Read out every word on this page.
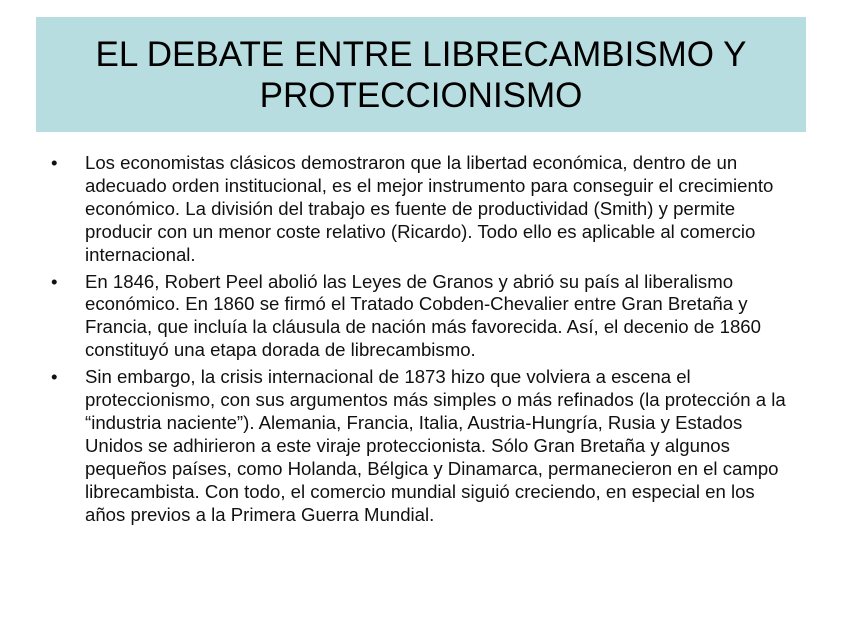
EL DEBATE ENTRE LIBRECAMBISMO Y
PROTECCIONISMO
•	Los economistas clásicos demostraron que la libertad económica, dentro de un adecuado orden institucional, es el mejor instrumento para conseguir el crecimiento económico. La división del trabajo es fuente de productividad (Smith) y permite producir con un menor coste relativo (Ricardo). Todo ello es aplicable al comercio internacional.
•	En 1846, Robert Peel abolió las Leyes de Granos y abrió su país al liberalismo económico. En 1860 se firmó el Tratado Cobden-Chevalier entre Gran Bretaña y Francia, que incluía la cláusula de nación más favorecida. Así, el decenio de 1860 constituyó una etapa dorada de librecambismo.
•	Sin embargo, la crisis internacional de 1873 hizo que volviera a escena el proteccionismo, con sus argumentos más simples o más refinados (la protección a la “industria naciente”). Alemania, Francia, Italia, Austria-Hungría, Rusia y Estados Unidos se adhirieron a este viraje proteccionista. Sólo Gran Bretaña y algunos pequeños países, como Holanda, Bélgica y Dinamarca, permanecieron en el campo librecambista. Con todo, el comercio mundial siguió creciendo, en especial en los años previos a la Primera Guerra Mundial.
